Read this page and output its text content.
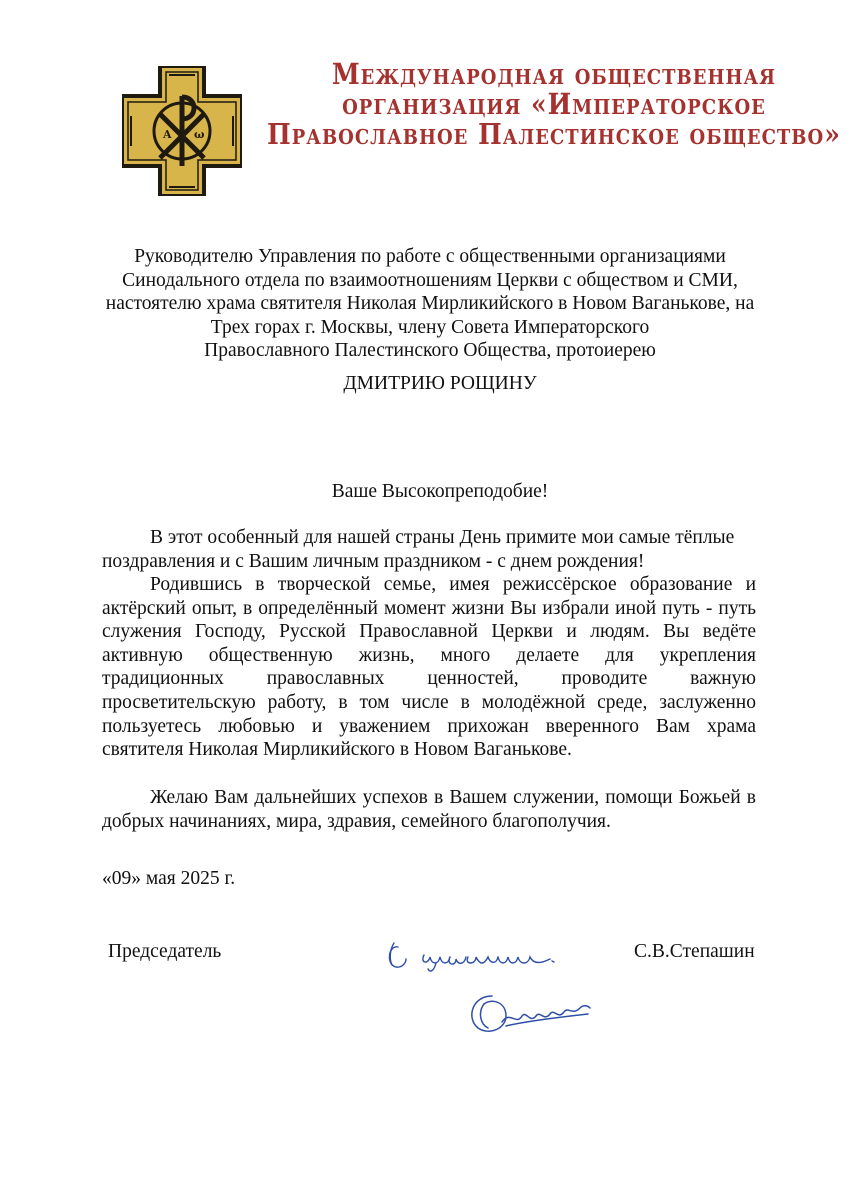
A ω
Международная общественная
организация «Императорское
Православное Палестинское общество»
Руководителю Управления по работе с общественными организациями
Синодального отдела по взаимоотношениям Церкви с обществом и СМИ,
настоятелю храма святителя Николая Мирликийского в Новом Ваганькове, на
Трех горах г. Москвы, члену Совета Императорского
Православного Палестинского Общества, протоиерею
ДМИТРИЮ РОЩИНУ
Ваше Высокопреподобие!
В этот особенный для нашей страны День примите мои самые тёплые поздравления и с Вашим личным праздником - с днем рождения!
Родившись в творческой семье, имея режиссёрское образование и актёрский опыт, в определённый момент жизни Вы избрали иной путь - путь служения Господу, Русской Православной Церкви и людям. Вы ведёте активную общественную жизнь, много делаете для укрепления традиционных православных ценностей, проводите важную просветительскую работу, в том числе в молодёжной среде, заслуженно пользуетесь любовью и уважением прихожан вверенного Вам храма святителя Николая Мирликийского в Новом Ваганькове.
Желаю Вам дальнейших успехов в Вашем служении, помощи Божьей в добрых начинаниях, мира, здравия, семейного благополучия.
«09» мая 2025 г.
Председатель	С.В.Степашин
